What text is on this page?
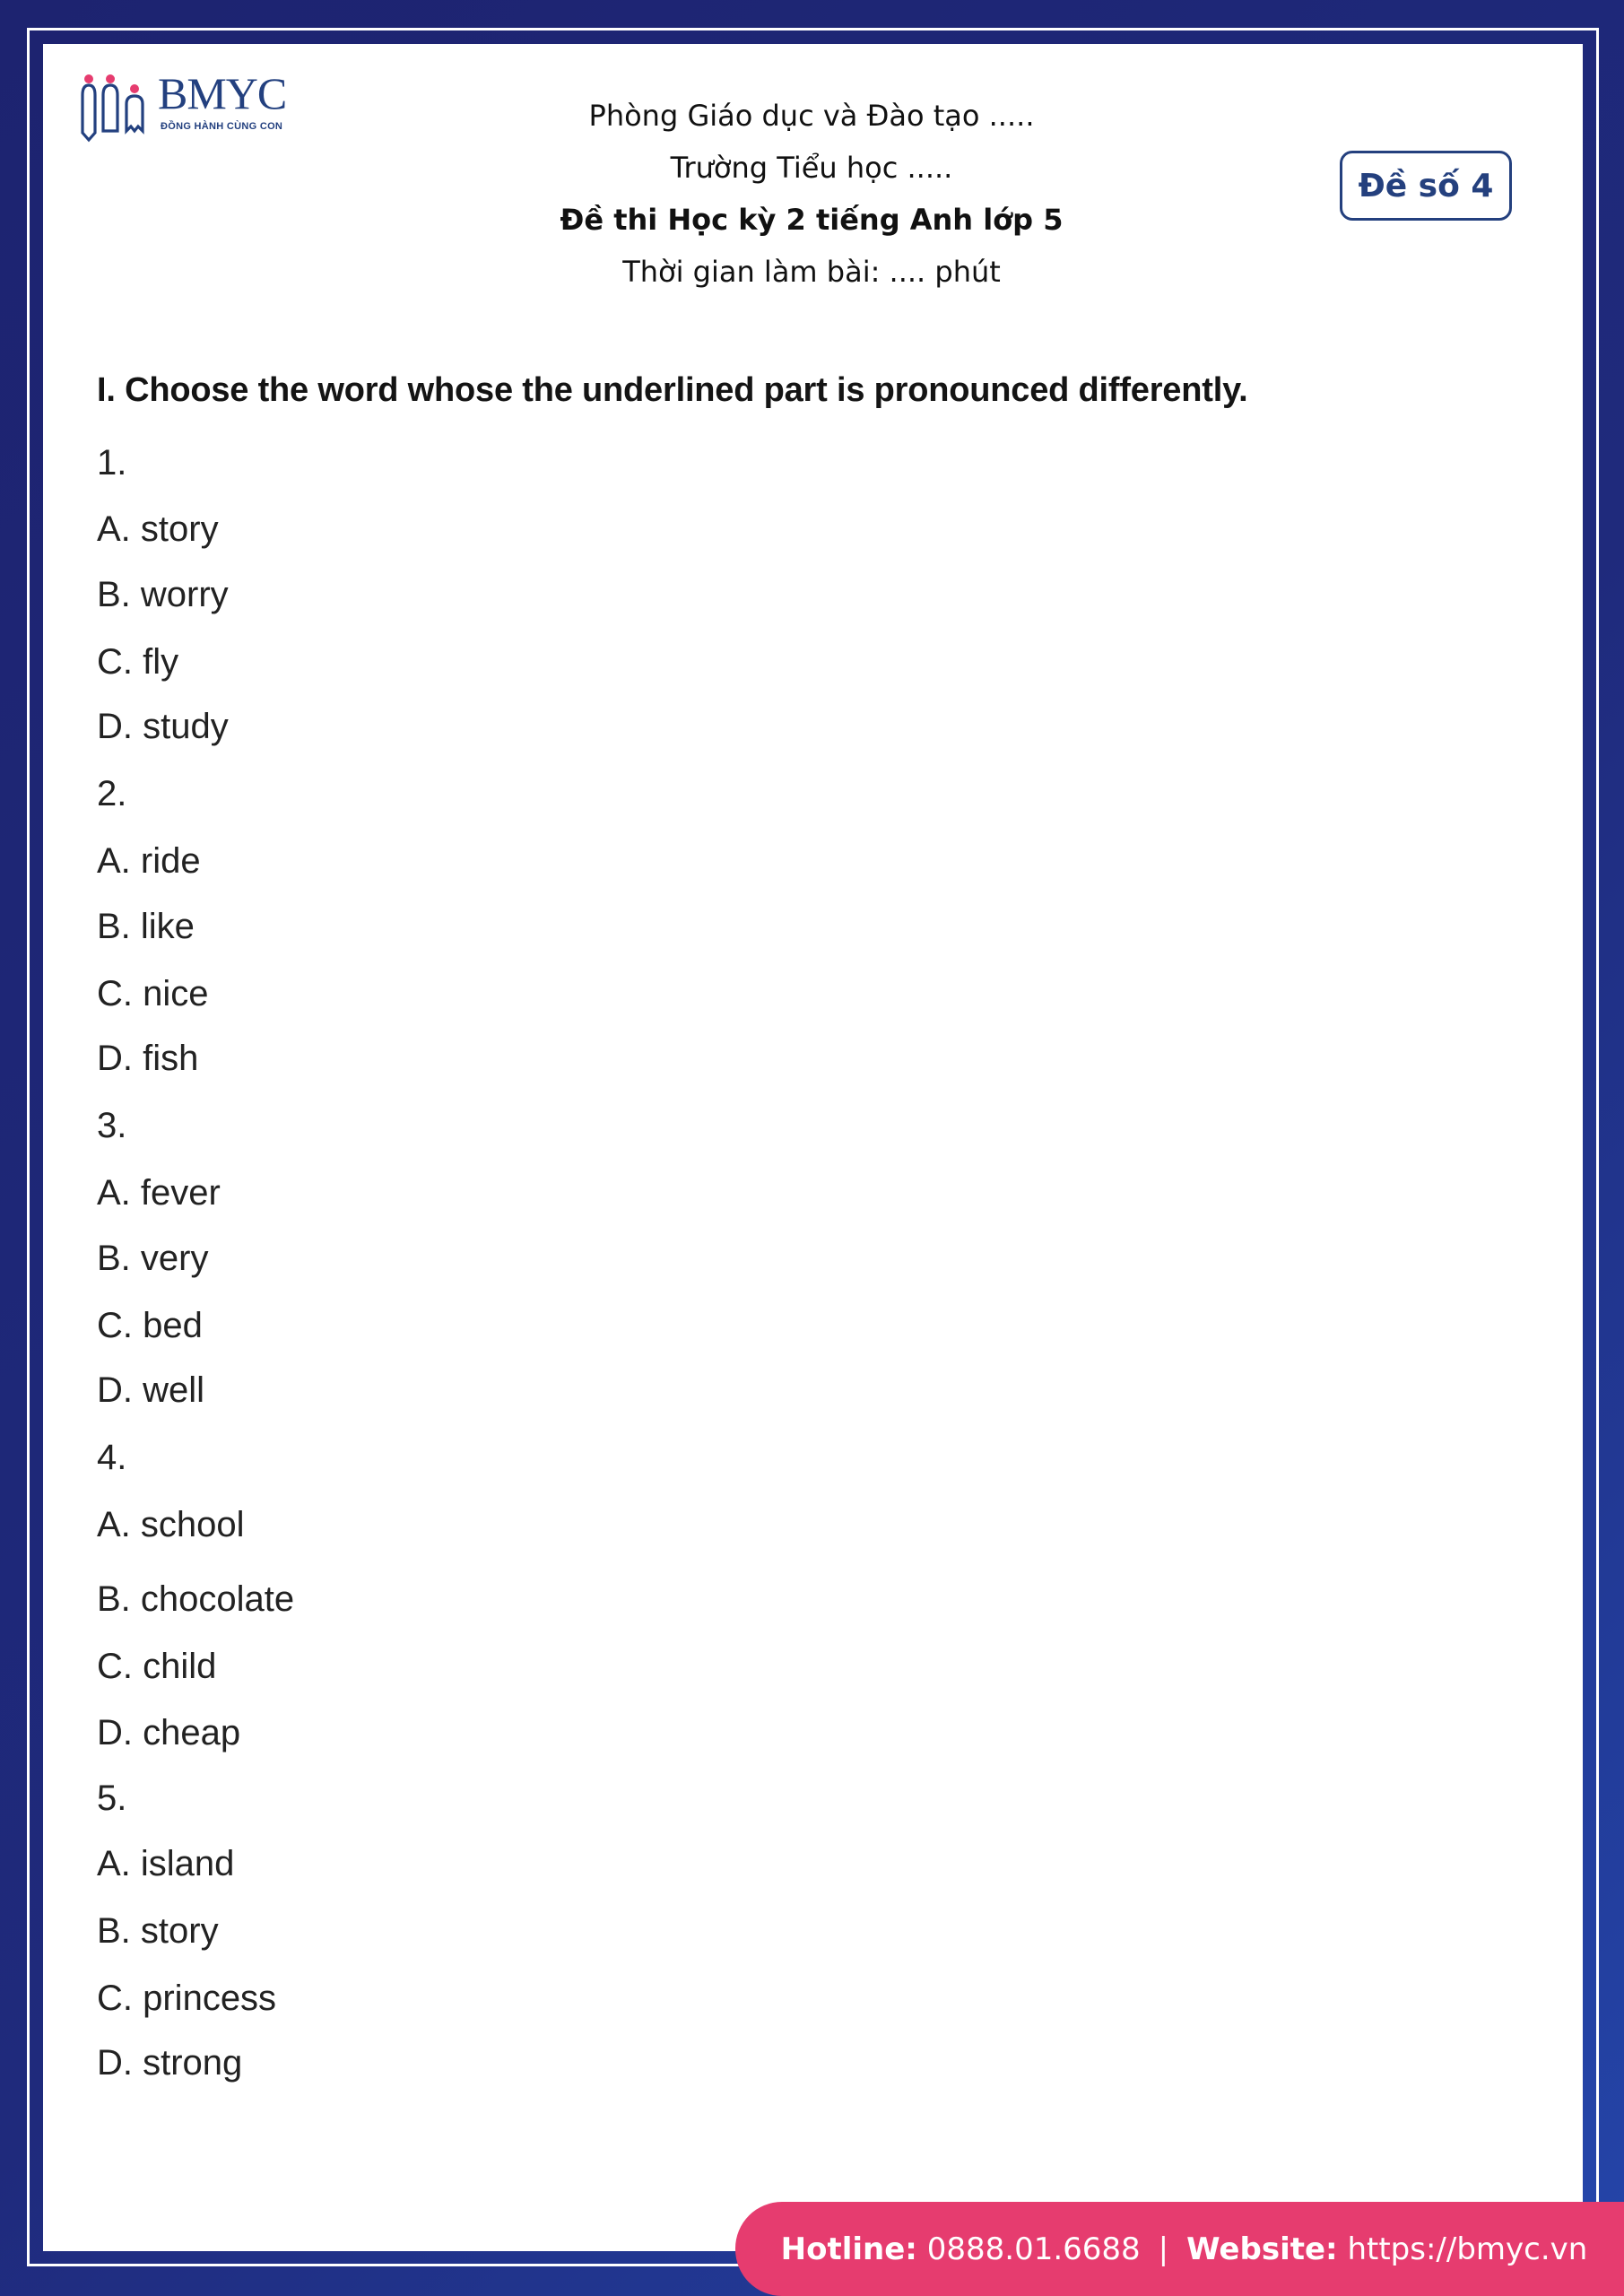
BMYC
ĐỒNG HÀNH CÙNG CON	Phòng Giáo dục và Đào tạo .....
Trường Tiểu học .....
Đề thi Học kỳ 2 tiếng Anh lớp 5
Thời gian làm bài: .... phút
Đề số 4
I. Choose the word whose the underlined part is pronounced differently.
1.
A. story
B. worry
C. fly
D. study
2.
A. ride
B. like
C. nice
D. fish
3.
A. fever
B. very
C. bed
D. well
4.
A. school
B. chocolate
C. child
D. cheap
5.
A. island
B. story
C. princess
D. strong
Hotline:
0888.01.6688 | Website:
https://bmyc.vn
